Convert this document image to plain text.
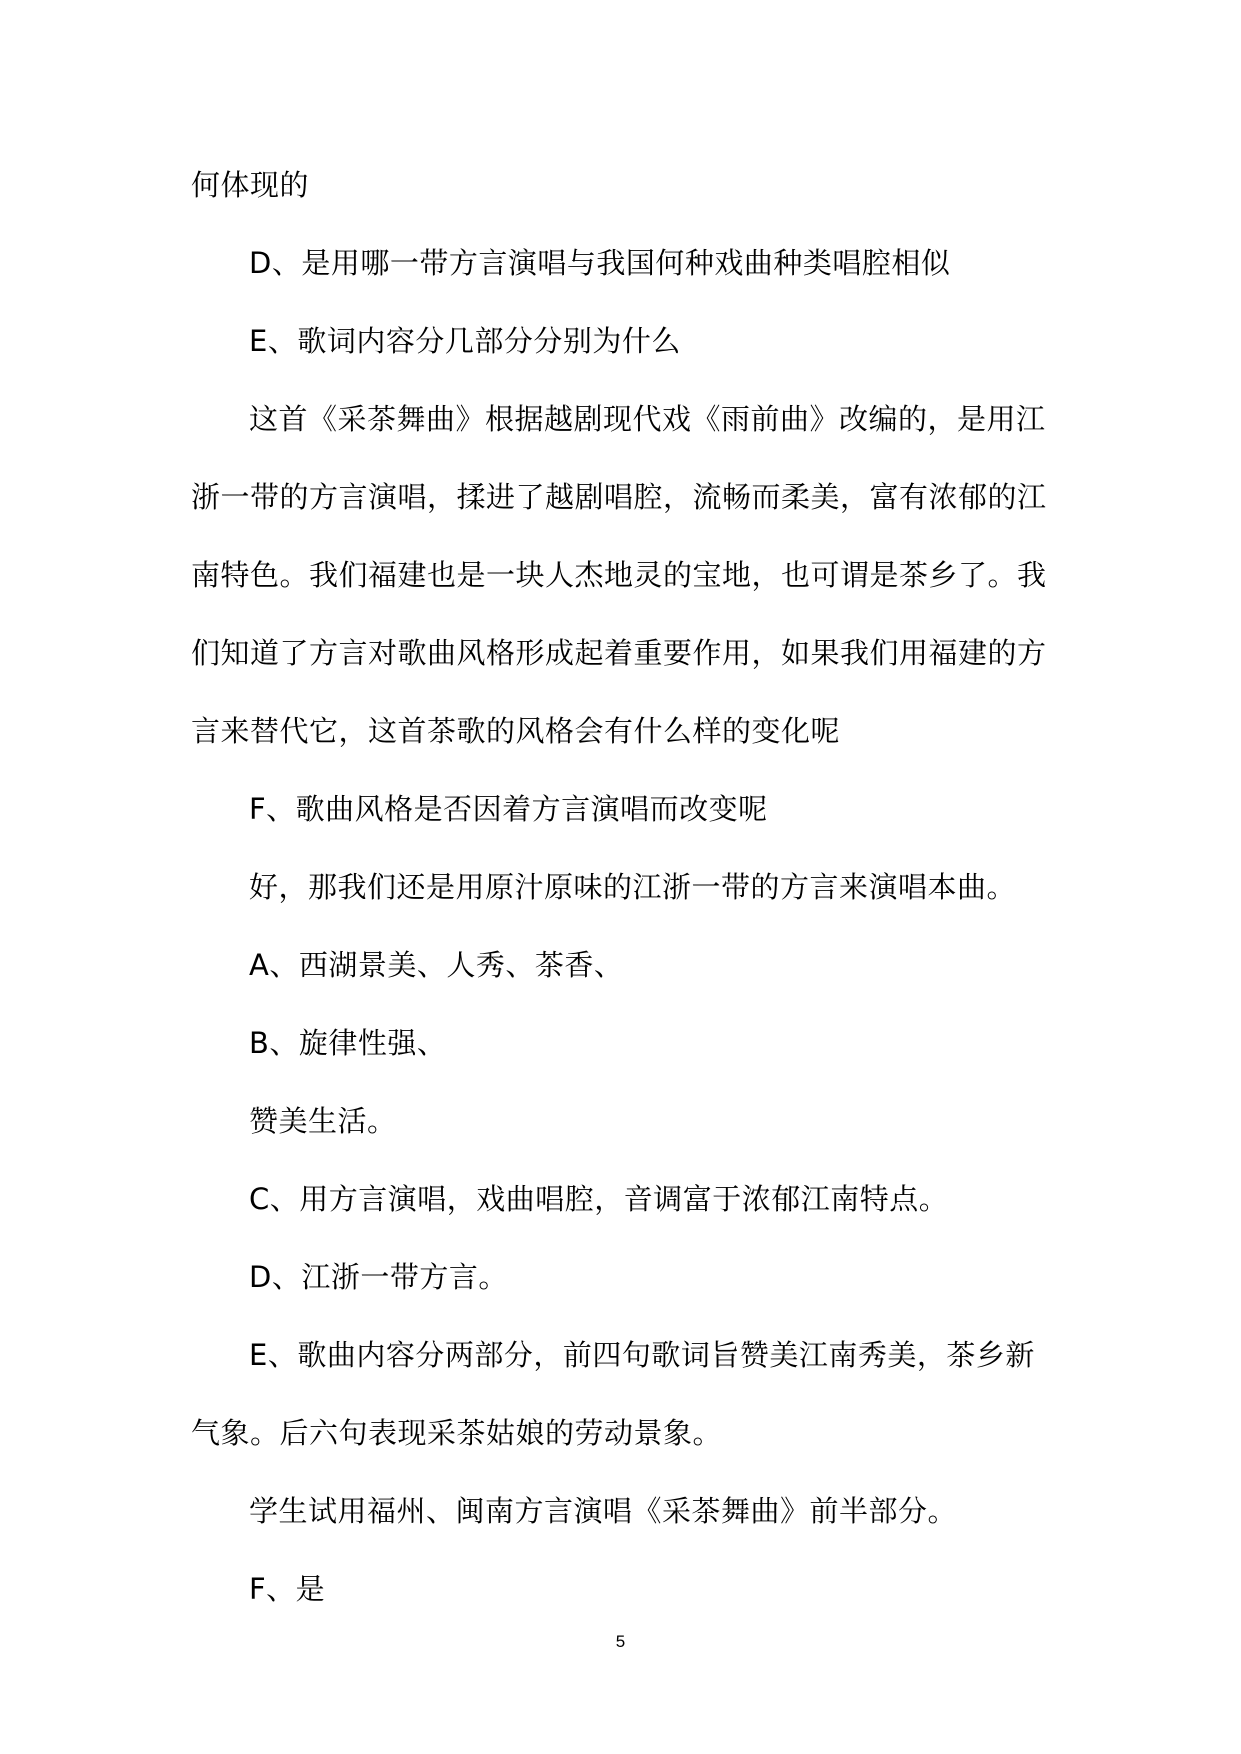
何体现的

D、是用哪一带方言演唱与我国何种戏曲种类唱腔相似

E、歌词内容分几部分分别为什么

这首《采茶舞曲》根据越剧现代戏《雨前曲》改编的，是用江浙一带的方言演唱，揉进了越剧唱腔，流畅而柔美，富有浓郁的江南特色。我们福建也是一块人杰地灵的宝地，也可谓是茶乡了。我们知道了方言对歌曲风格形成起着重要作用，如果我们用福建的方言来替代它，这首茶歌的风格会有什么样的变化呢

F、歌曲风格是否因着方言演唱而改变呢

好，那我们还是用原汁原味的江浙一带的方言来演唱本曲。

A、西湖景美、人秀、茶香、

B、旋律性强、

赞美生活。

C、用方言演唱，戏曲唱腔，音调富于浓郁江南特点。

D、江浙一带方言。

E、歌曲内容分两部分，前四句歌词旨赞美江南秀美，茶乡新气象。后六句表现采茶姑娘的劳动景象。

学生试用福州、闽南方言演唱《采茶舞曲》前半部分。

F、是

5
